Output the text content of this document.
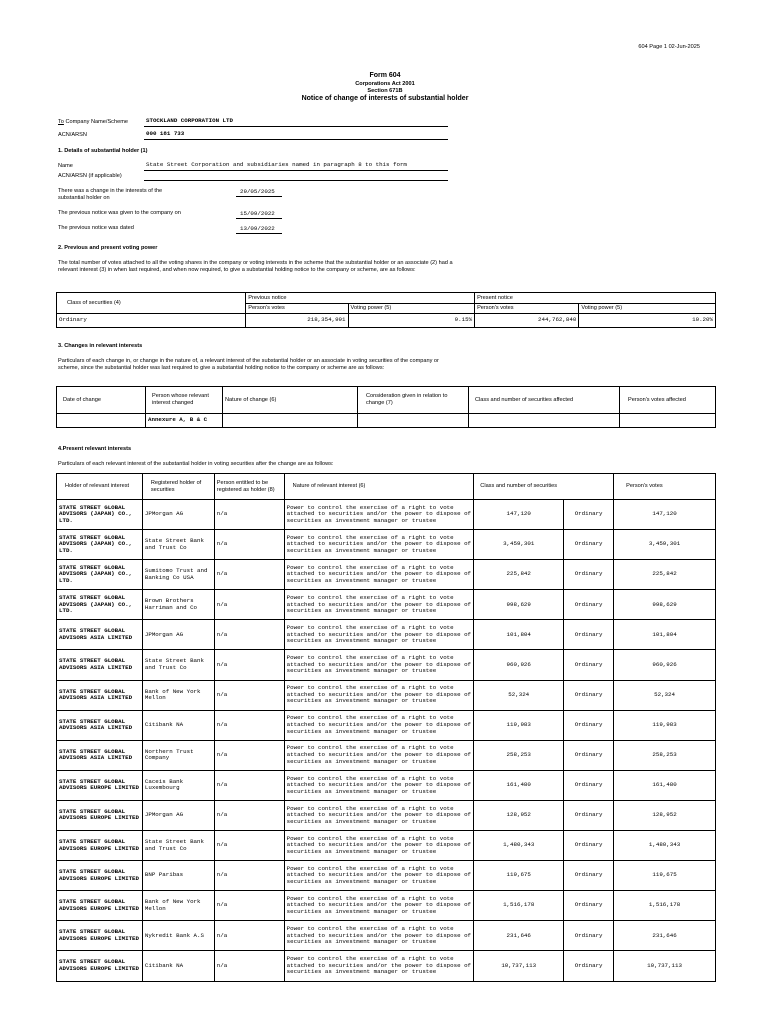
604 Page 1 02-Jun-2025
Form 604
Corporations Act 2001
Section 671B
Notice of change of interests of substantial holder
To Company Name/Scheme	STOCKLAND CORPORATION LTD
ACN/ARSN	000 181 733
1. Details of substantial holder (1)
Name	State Street Corporation and subsidiaries named in paragraph 8 to this form
ACN/ARSN (if applicable)
There was a change in the interests of the substantial holder on
29/05/2025
The previous notice was given to the company on	15/09/2022
The previous notice was dated	13/09/2022
2. Previous and present voting power
The total number of votes attached to all the voting shares in the company or voting interests in the scheme that the substantial holder or an associate (2) had a relevant interest (3) in when last required, and when now required, to give a substantial holding notice to the company or scheme, are as follows:
Class of securities (4)	Previous notice		Present notice	
	Person's votes	Voting power (5)	Person's votes	Voting power (5)
Ordinary	218,354,991	9.15%	244,762,840	10.20%
3. Changes in relevant interests
Particulars of each change in, or change in the nature of, a relevant interest of the substantial holder or an associate in voting securities of the company or scheme, since the substantial holder was last required to give a substantial holding notice to the company or scheme are as follows:
Date of change	Person whose relevant interest changed	Nature of change (6)	Consideration given in relation to change (7)	Class and number of securities affected	Person's votes affected
	Annexure A, B & C				
4.Present relevant interests
Particulars of each relevant interest of the substantial holder in voting securities after the change are as follows:
Holder of relevant interest	Registered holder of securities	Person entitled to be registered as holder (8)	Nature of relevant interest (6)	Class and number of securities		Person's votes
STATE STREET GLOBAL ADVISORS (JAPAN) CO., LTD.	JPMorgan AG	n/a	Power to control the exercise of a right to vote attached to securities and/or the power to dispose of securities as investment manager or trustee	147,120	Ordinary	147,120
STATE STREET GLOBAL ADVISORS (JAPAN) CO., LTD.	State Street Bank and Trust Co	n/a	Power to control the exercise of a right to vote attached to securities and/or the power to dispose of securities as investment manager or trustee	3,459,301	Ordinary	3,459,301
STATE STREET GLOBAL ADVISORS (JAPAN) CO., LTD.	Sumitomo Trust and Banking Co USA	n/a	Power to control the exercise of a right to vote attached to securities and/or the power to dispose of securities as investment manager or trustee	225,842	Ordinary	225,842
STATE STREET GLOBAL ADVISORS (JAPAN) CO., LTD.	Brown Brothers Harriman and Co	n/a	Power to control the exercise of a right to vote attached to securities and/or the power to dispose of securities as investment manager or trustee	998,629	Ordinary	998,629
STATE STREET GLOBAL ADVISORS ASIA LIMITED	JPMorgan AG	n/a	Power to control the exercise of a right to vote attached to securities and/or the power to dispose of securities as investment manager or trustee	101,804	Ordinary	101,804
STATE STREET GLOBAL ADVISORS ASIA LIMITED	State Street Bank and Trust Co	n/a	Power to control the exercise of a right to vote attached to securities and/or the power to dispose of securities as investment manager or trustee	960,926	Ordinary	960,926
STATE STREET GLOBAL ADVISORS ASIA LIMITED	Bank of New York Mellon	n/a	Power to control the exercise of a right to vote attached to securities and/or the power to dispose of securities as investment manager or trustee	52,324	Ordinary	52,324
STATE STREET GLOBAL ADVISORS ASIA LIMITED	Citibank NA	n/a	Power to control the exercise of a right to vote attached to securities and/or the power to dispose of securities as investment manager or trustee	119,983	Ordinary	119,983
STATE STREET GLOBAL ADVISORS ASIA LIMITED	Northern Trust Company	n/a	Power to control the exercise of a right to vote attached to securities and/or the power to dispose of securities as investment manager or trustee	258,253	Ordinary	258,253
STATE STREET GLOBAL ADVISORS EUROPE LIMITED	Caceis Bank Luxembourg	n/a	Power to control the exercise of a right to vote attached to securities and/or the power to dispose of securities as investment manager or trustee	161,480	Ordinary	161,480
STATE STREET GLOBAL ADVISORS EUROPE LIMITED	JPMorgan AG	n/a	Power to control the exercise of a right to vote attached to securities and/or the power to dispose of securities as investment manager or trustee	128,952	Ordinary	128,952
STATE STREET GLOBAL ADVISORS EUROPE LIMITED	State Street Bank and Trust Co	n/a	Power to control the exercise of a right to vote attached to securities and/or the power to dispose of securities as investment manager or trustee	1,480,343	Ordinary	1,480,343
STATE STREET GLOBAL ADVISORS EUROPE LIMITED	BNP Paribas	n/a	Power to control the exercise of a right to vote attached to securities and/or the power to dispose of securities as investment manager or trustee	119,675	Ordinary	119,675
STATE STREET GLOBAL ADVISORS EUROPE LIMITED	Bank of New York Mellon	n/a	Power to control the exercise of a right to vote attached to securities and/or the power to dispose of securities as investment manager or trustee	1,516,178	Ordinary	1,516,178
STATE STREET GLOBAL ADVISORS EUROPE LIMITED	Nykredit Bank A.S	n/a	Power to control the exercise of a right to vote attached to securities and/or the power to dispose of securities as investment manager or trustee	231,646	Ordinary	231,646
STATE STREET GLOBAL ADVISORS EUROPE LIMITED	Citibank NA	n/a	Power to control the exercise of a right to vote attached to securities and/or the power to dispose of securities as investment manager or trustee	10,737,113	Ordinary	10,737,113
